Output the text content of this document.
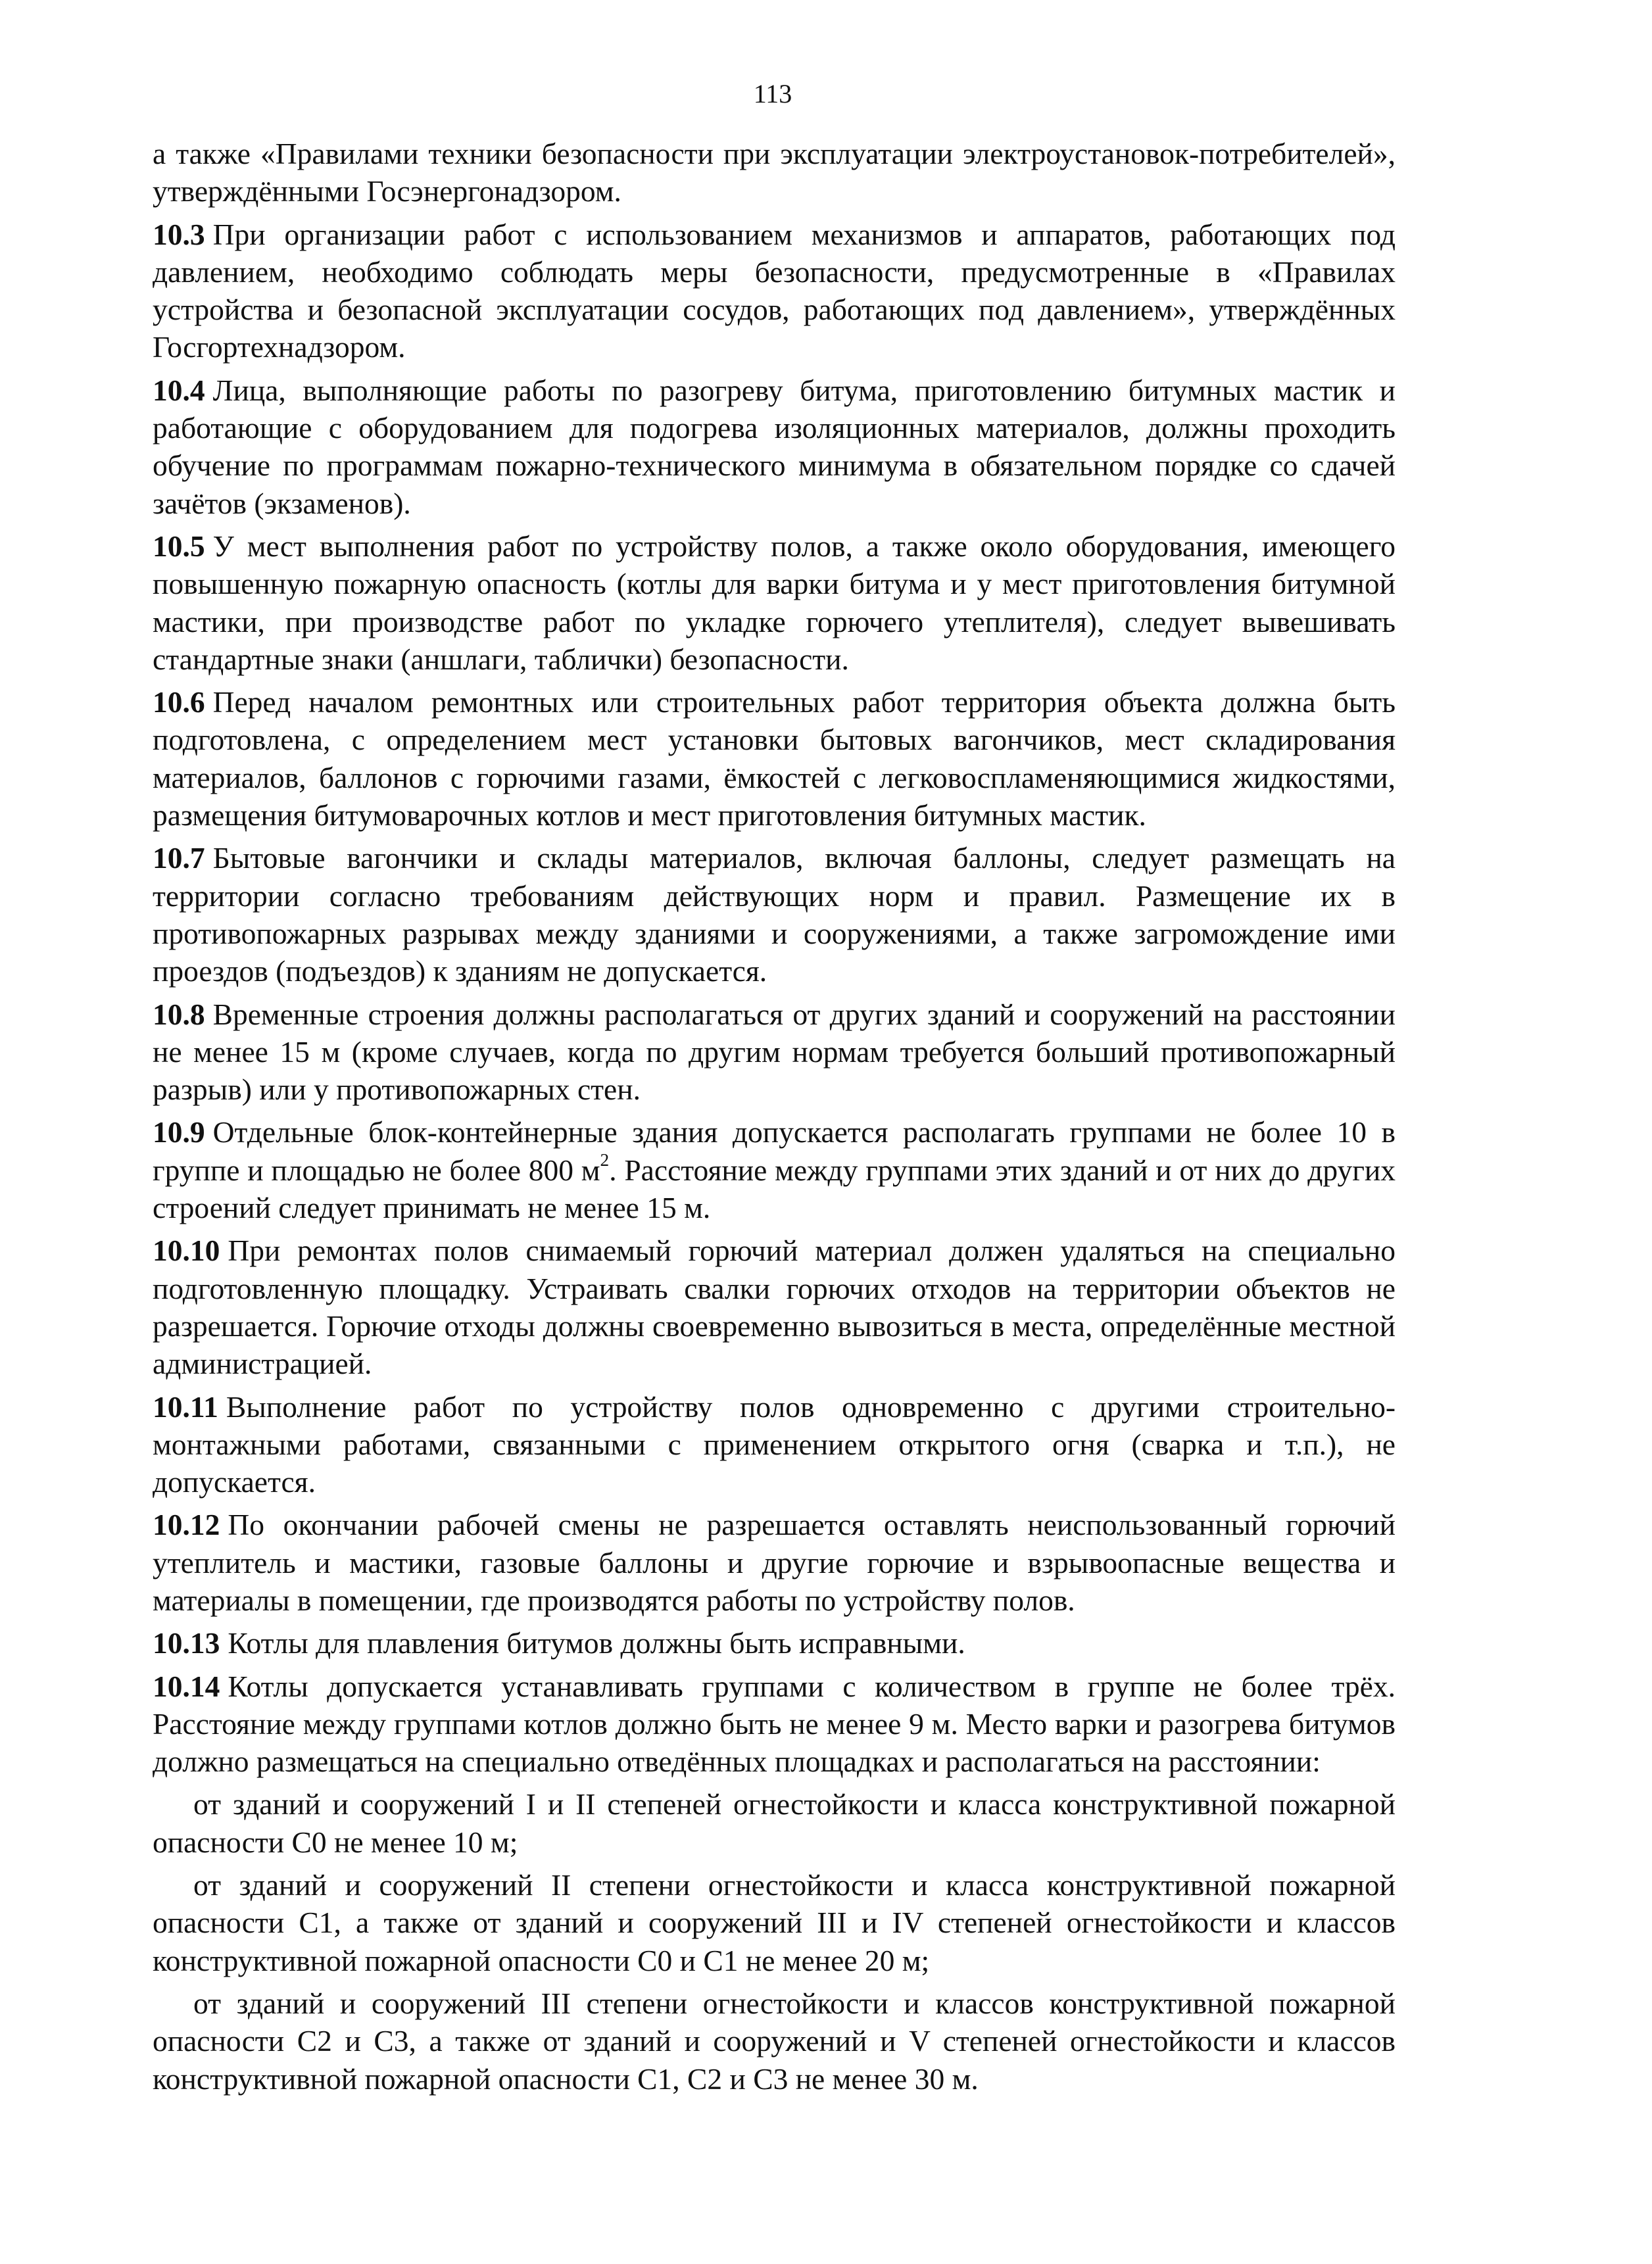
113

а также «Правилами техники безопасности при эксплуатации электроустановок-потребителей», утверждёнными Госэнергонадзором.

10.3 При организации работ с использованием механизмов и аппаратов, работающих под давлением, необходимо соблюдать меры безопасности, предусмотренные в «Правилах устройства и безопасной эксплуатации сосудов, работающих под давлением», утверждённых Госгортехнадзором.

10.4 Лица, выполняющие работы по разогреву битума, приготовлению битумных мастик и работающие с оборудованием для подогрева изоляционных материалов, должны проходить обучение по программам пожарно-технического минимума в обязательном порядке со сдачей зачётов (экзаменов).

10.5 У мест выполнения работ по устройству полов, а также около оборудования, имеющего повышенную пожарную опасность (котлы для варки битума и у мест приготовления битумной мастики, при производстве работ по укладке горючего утеплителя), следует вывешивать стандартные знаки (аншлаги, таблички) безопасности.

10.6 Перед началом ремонтных или строительных работ территория объекта должна быть подготовлена, с определением мест установки бытовых вагончиков, мест складирования материалов, баллонов с горючими газами, ёмкостей с легковоспламеняющимися жидкостями, размещения битумоварочных котлов и мест приготовления битумных мастик.

10.7 Бытовые вагончики и склады материалов, включая баллоны, следует размещать на территории согласно требованиям действующих норм и правил. Размещение их в противопожарных разрывах между зданиями и сооружениями, а также загромождение ими проездов (подъездов) к зданиям не допускается.

10.8 Временные строения должны располагаться от других зданий и сооружений на расстоянии не менее 15 м (кроме случаев, когда по другим нормам требуется больший противопожарный разрыв) или у противопожарных стен.

10.9 Отдельные блок-контейнерные здания допускается располагать группами не более 10 в группе и площадью не более 800 $м^2$. Расстояние между группами этих зданий и от них до других строений следует принимать не менее 15 м.

10.10 При ремонтах полов снимаемый горючий материал должен удаляться на специально подготовленную площадку. Устраивать свалки горючих отходов на территории объектов не разрешается. Горючие отходы должны своевременно вывозиться в места, определённые местной администрацией.

10.11 Выполнение работ по устройству полов одновременно с другими строительно-монтажными работами, связанными с применением открытого огня (сварка и т.п.), не допускается.

10.12 По окончании рабочей смены не разрешается оставлять неиспользованный горючий утеплитель и мастики, газовые баллоны и другие горючие и взрывоопасные вещества и материалы в помещении, где производятся работы по устройству полов.

10.13 Котлы для плавления битумов должны быть исправными.

10.14 Котлы допускается устанавливать группами с количеством в группе не более трёх. Расстояние между группами котлов должно быть не менее 9 м. Место варки и разогрева битумов должно размещаться на специально отведённых площадках и располагаться на расстоянии:

от зданий и сооружений I и II степеней огнестойкости и класса конструктивной пожарной опасности С0 не менее 10 м;

от зданий и сооружений II степени огнестойкости и класса конструктивной пожарной опасности С1, а также от зданий и сооружений III и IV степеней огнестойкости и классов конструктивной пожарной опасности С0 и С1 не менее 20 м;

от зданий и сооружений III степени огнестойкости и классов конструктивной пожарной опасности С2 и С3, а также от зданий и сооружений и V степеней огнестойкости и классов конструктивной пожарной опасности С1, С2 и С3 не менее 30 м.
